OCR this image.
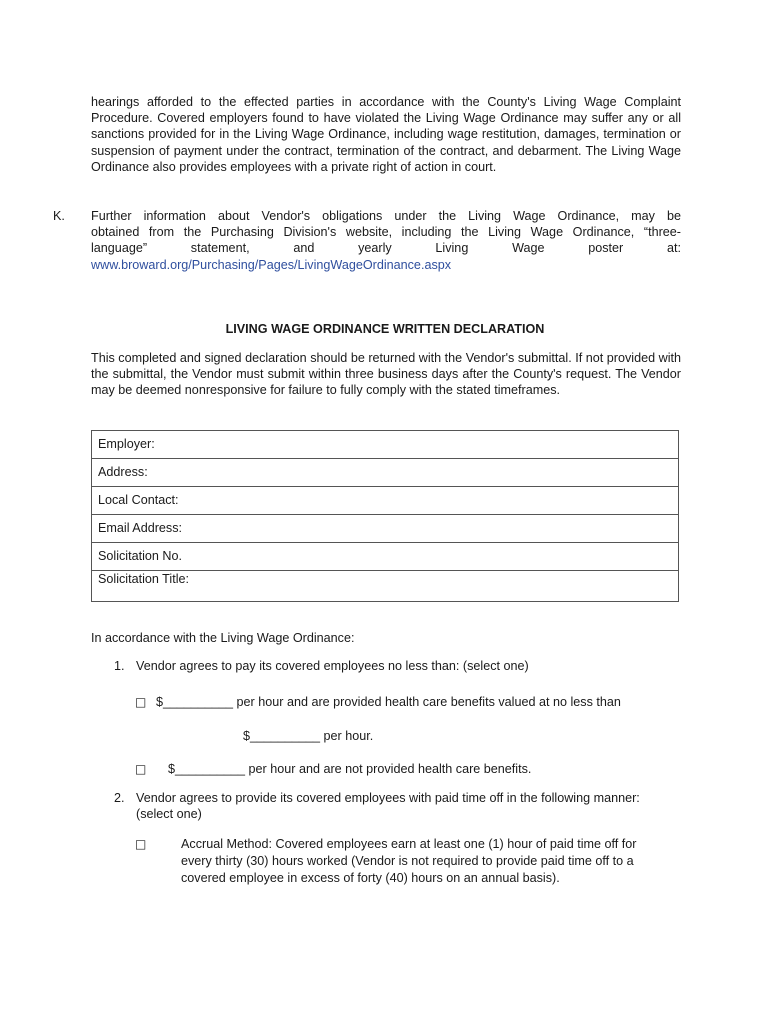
hearings afforded to the effected parties in accordance with the County's Living Wage Complaint Procedure. Covered employers found to have violated the Living Wage Ordinance may suffer any or all sanctions provided for in the Living Wage Ordinance, including wage restitution, damages, termination or suspension of payment under the contract, termination of the contract, and debarment. The Living Wage Ordinance also provides employees with a private right of action in court.
K. Further information about Vendor's obligations under the Living Wage Ordinance, may be
obtained from the Purchasing Division's website, including the Living Wage Ordinance, “three-
language” statement, and yearly Living Wage poster at:
www.broward.org/Purchasing/Pages/LivingWageOrdinance.aspx
LIVING WAGE ORDINANCE WRITTEN DECLARATION
This completed and signed declaration should be returned with the Vendor's submittal. If not provided with the submittal, the Vendor must submit within three business days after the County's request. The Vendor may be deemed nonresponsive for failure to fully comply with the stated timeframes.
Employer:
Address:
Local Contact:
Email Address:
Solicitation No.
Solicitation Title:
In accordance with the Living Wage Ordinance:
1. Vendor agrees to pay its covered employees no less than: (select one)
□ $__________ per hour and are provided health care benefits valued at no less than
$__________ per hour.
□ $__________ per hour and are not provided health care benefits.
2. Vendor agrees to provide its covered employees with paid time off in the following manner:
(select one)
□	Accrual Method: Covered employees earn at least one (1) hour of paid time off for
every thirty (30) hours worked (Vendor is not required to provide paid time off to a
covered employee in excess of forty (40) hours on an annual basis).
